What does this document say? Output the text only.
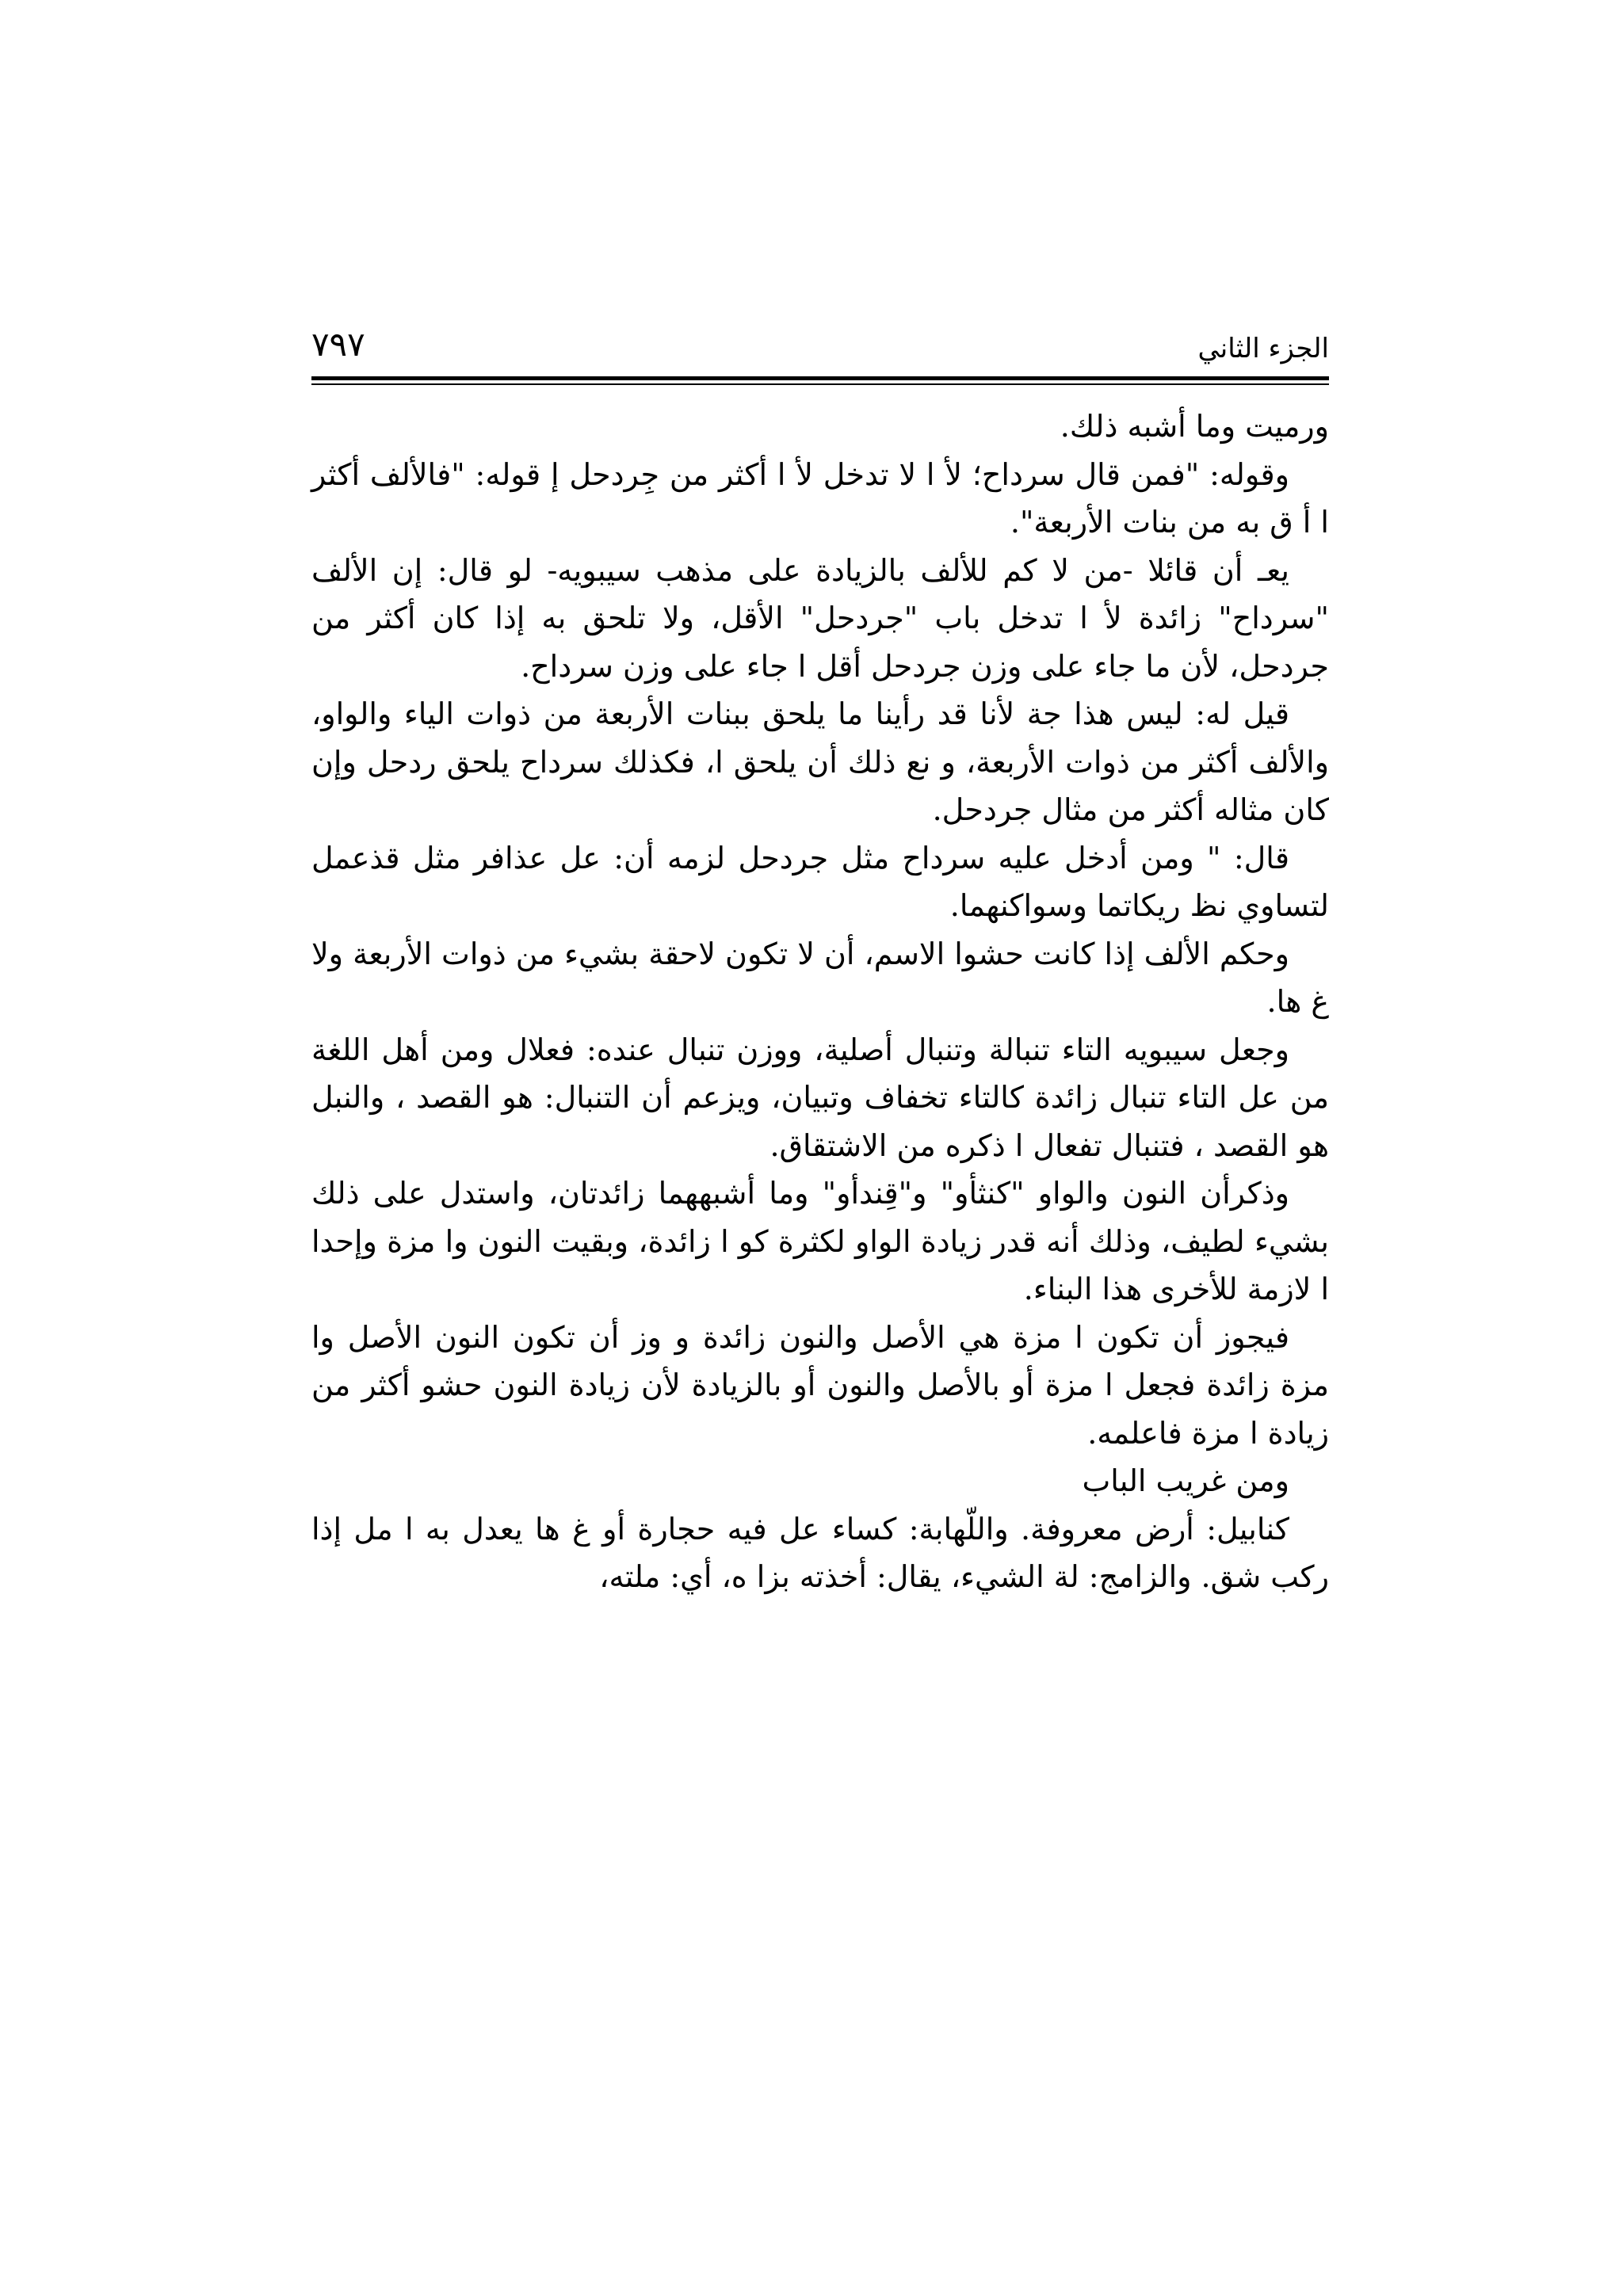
الجزء الثاني
٧٩٧

ورميت وما أشبه ذلك.

وقوله: "فمن قال سرداح؛ لأ ا لا تدخل لأ ا أكثر من جِردحل إ قوله: "فالألف أكثر ا أ ق به من بنات الأربعة".

يعـ أن قائلا -من لا كم للألف بالزيادة على مذهب سيبويه- لو قال: إن الألف "سرداح" زائدة لأ ا تدخل باب "جردحل" الأقل، ولا تلحق به إذا كان أكثر من جردحل، لأن ما جاء على وزن جردحل أقل ا جاء على وزن سرداح.

قيل له: ليس هذا جة لأنا قد رأينا ما يلحق ببنات الأربعة من ذوات الياء والواو، والألف أكثر من ذوات الأربعة، و نع ذلك أن يلحق ا، فكذلك سرداح يلحق ردحل وإن كان مثاله أكثر من مثال جردحل.

قال: " ومن أدخل عليه سرداح مثل جردحل لزمه أن: عل عذافر مثل قذعمل لتساوي نظ ريكاتما وسواكنهما.

وحكم الألف إذا كانت حشوا الاسم، أن لا تكون لاحقة بشيء من ذوات الأربعة ولا غ ها.

وجعل سيبويه التاء تنبالة وتنبال أصلية، ووزن تنبال عنده: فعلال ومن أهل اللغة من عل التاء تنبال زائدة كالتاء تخفاف وتبيان، ويزعم أن التنبال: هو القصد ، والنبل هو القصد ، فتنبال تفعال ا ذكره من الاشتقاق.

وذكرأن النون والواو "كنثأو" و"قِندأو" وما أشبههما زائدتان، واستدل على ذلك بشيء لطيف، وذلك أنه قدر زيادة الواو لكثرة كو ا زائدة، وبقيت النون وا مزة وإحدا ا لازمة للأخرى هذا البناء.

فيجوز أن تكون ا مزة هي الأصل والنون زائدة و وز أن تكون النون الأصل وا مزة زائدة فجعل ا مزة أو بالأصل والنون أو بالزيادة لأن زيادة النون حشو أكثر من زيادة ا مزة فاعلمه.

ومن غريب الباب

كنابيل: أرض معروفة. واللّهابة: كساء عل فيه حجارة أو غ ها يعدل به ا مل إذا ركب شق. والزامج: لة الشيء، يقال: أخذته بزا ه، أي: ملته،
